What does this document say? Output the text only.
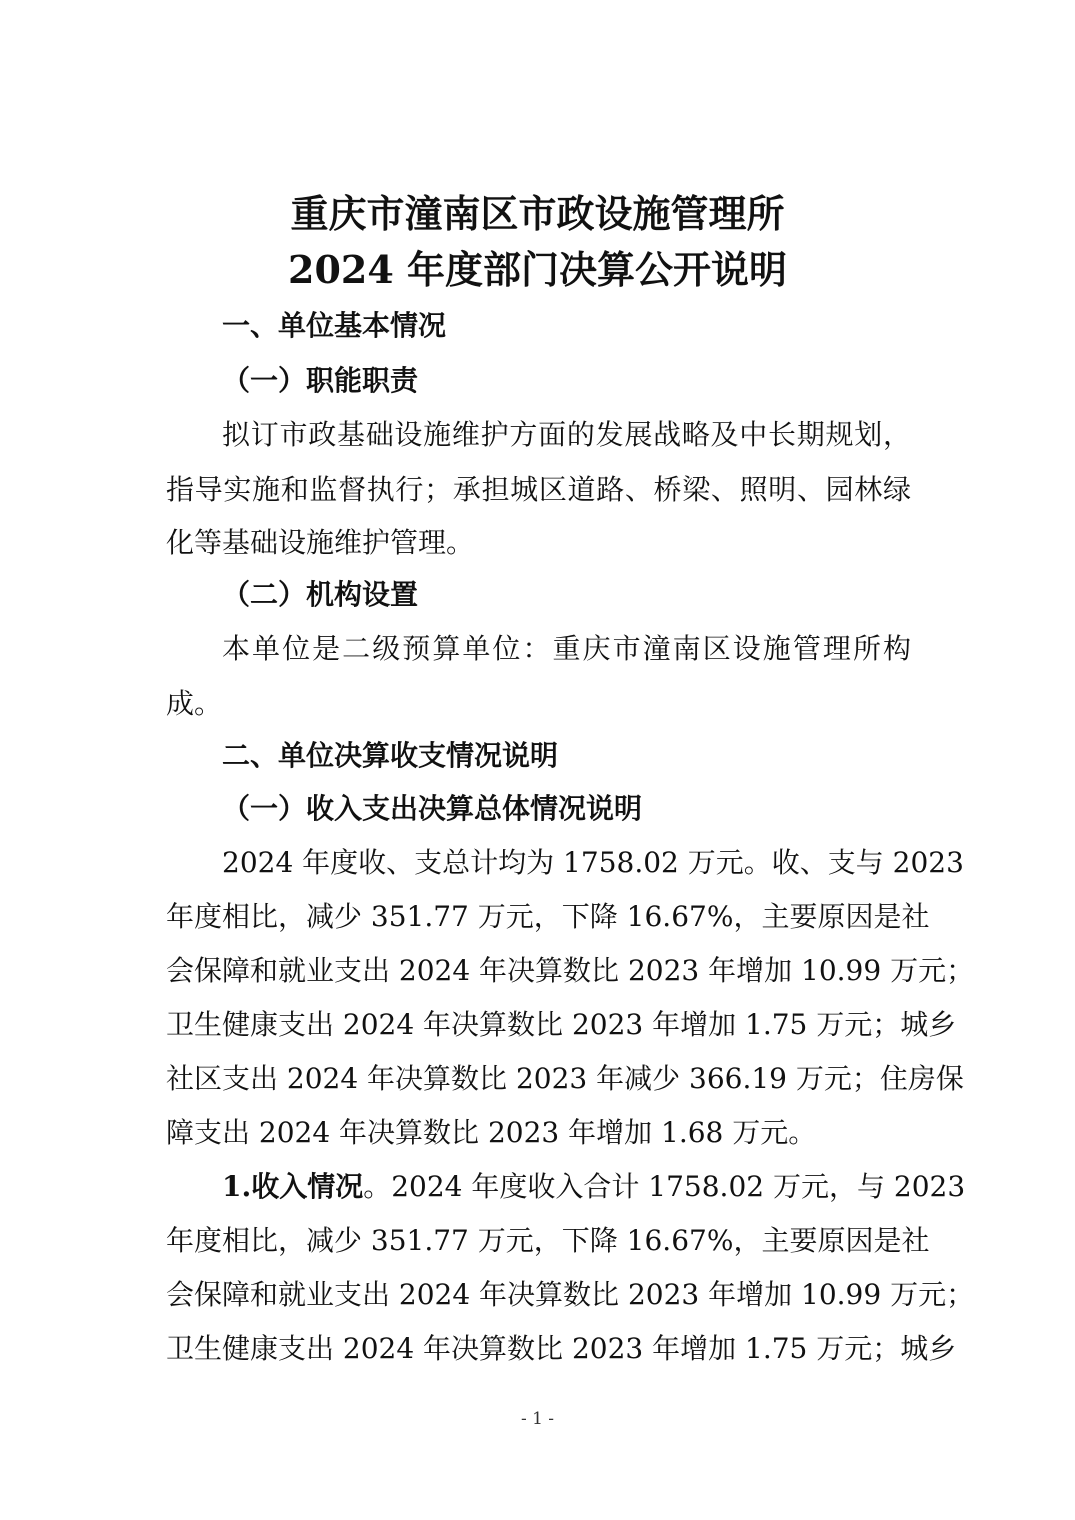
重庆市潼南区市政设施管理所
2024 年度部门决算公开说明
一、单位基本情况
（一）职能职责
拟订市政基础设施维护方面的发展战略及中长期规划，
指导实施和监督执行；承担城区道路、桥梁、照明、园林绿
化等基础设施维护管理。
（二）机构设置
本单位是二级预算单位：重庆市潼南区设施管理所构
成。
二、单位决算收支情况说明
（一）收入支出决算总体情况说明
2024 年度收、支总计均为 1758.02 万元。收、支与 2023
年度相比，减少 351.77 万元，下降 16.67%，主要原因是社
会保障和就业支出 2024 年决算数比 2023 年增加 10.99 万元；
卫生健康支出 2024 年决算数比 2023 年增加 1.75 万元；城乡
社区支出 2024 年决算数比 2023 年减少 366.19 万元；住房保
障支出 2024 年决算数比 2023 年增加 1.68 万元。
1.收入情况。2024 年度收入合计 1758.02 万元，与 2023
年度相比，减少 351.77 万元，下降 16.67%，主要原因是社
会保障和就业支出 2024 年决算数比 2023 年增加 10.99 万元；
卫生健康支出 2024 年决算数比 2023 年增加 1.75 万元；城乡
- 1 -
